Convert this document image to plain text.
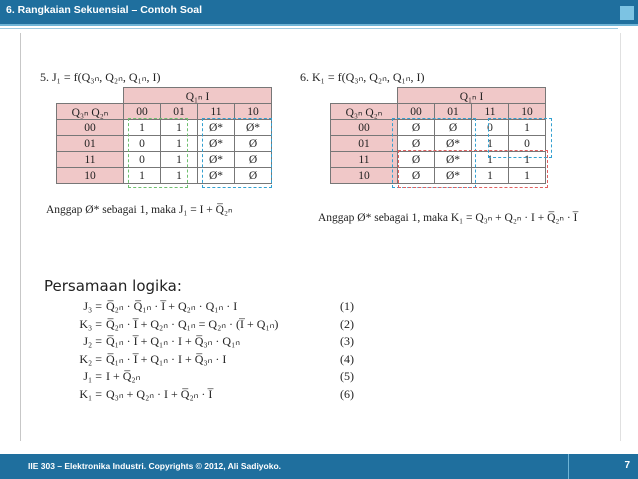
6. Rangkaian Sekuensial – Contoh Soal
5. J₁ = f(Q₃ₙ, Q₂ₙ, Q₁ₙ, I)
	Q₁ₙ I			
Q₃ₙ Q₂ₙ	00	01	11	10
00	1	1	Ø*	Ø*
01	0	1	Ø*	Ø
11	0	1	Ø*	Ø
10	1	1	Ø*	Ø
Anggap Ø* sebagai 1, maka J₁ = I + Q̅₂ₙ
6. K₁ = f(Q₃ₙ, Q₂ₙ, Q₁ₙ, I)
	Q₁ₙ I			
Q₃ₙ Q₂ₙ	00	01	11	10
00	Ø	Ø	0	1
01	Ø	Ø*	1	0
11	Ø	Ø*	1	1
10	Ø	Ø*	1	1
Anggap Ø* sebagai 1, maka K₁ = Q₃ₙ + Q₂ₙ · I + Q̅₂ₙ · I̅
Persamaan logika:
J₃ = Q̅₂ₙ · Q̅₁ₙ · I̅ + Q₂ₙ · Q₁ₙ · I	(1)
K₃ = Q̅₂ₙ · I̅ + Q₂ₙ · Q₁ₙ = Q₂ₙ · (I̅ + Q₁ₙ)	(2)
J₂ = Q̅₁ₙ · I̅ + Q₁ₙ · I + Q̅₃ₙ · Q₁ₙ	(3)
K₂ = Q̅₁ₙ · I̅ + Q₁ₙ · I + Q̅₃ₙ · I	(4)
J₁ = I + Q̅₂ₙ	(5)
K₁ = Q₃ₙ + Q₂ₙ · I + Q̅₂ₙ · I̅	(6)
IIE 303 – Elektronika Industri. Copyrights © 2012, Ali Sadiyoko.	7
